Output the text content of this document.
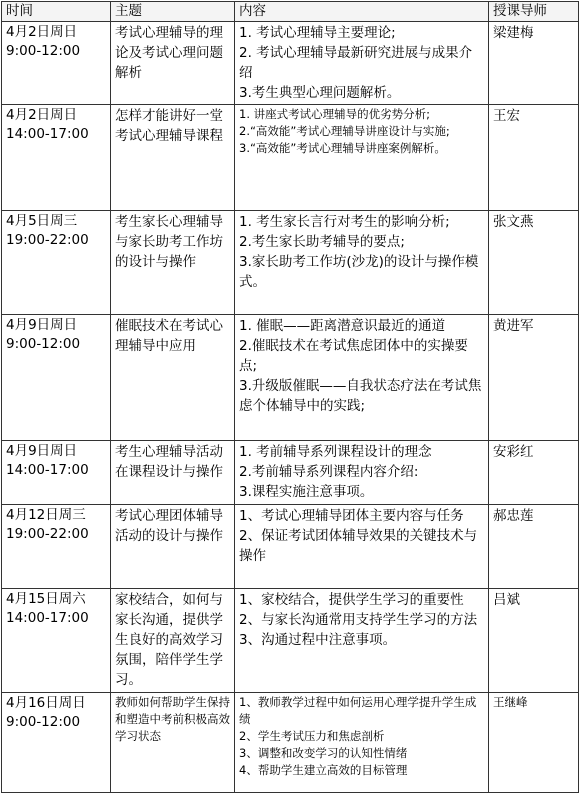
时间	主题	内容	授课导师
4月2日周日
9:00-12:00	考试心理辅导的理论及考试心理问题解析	1. 考试心理辅导主要理论;
2. 考试心理辅导最新研究进展与成果介绍
3.考生典型心理问题解析。	梁建梅
4月2日周日
14:00-17:00	怎样才能讲好一堂考试心理辅导课程	1. 讲座式考试心理辅导的优劣势分析;
2.“高效能”考试心理辅导讲座设计与实施;
3.“高效能”考试心理辅导讲座案例解析。	王宏
4月5日周三
19:00-22:00	考生家长心理辅导与家长助考工作坊的设计与操作	1. 考生家长言行对考生的影响分析;
2.考生家长助考辅导的要点;
3.家长助考工作坊(沙龙)的设计与操作模式。	张文燕
4月9日周日
9:00-12:00	催眠技术在考试心理辅导中应用	1. 催眠——距离潜意识最近的通道
2.催眠技术在考试焦虑团体中的实操要点;
3.升级版催眠——自我状态疗法在考试焦虑个体辅导中的实践;	黄进军
4月9日周日
14:00-17:00	考生心理辅导活动在课程设计与操作	1. 考前辅导系列课程设计的理念
2.考前辅导系列课程内容介绍:
3.课程实施注意事项。	安彩红
4月12日周三
19:00-22:00	考试心理团体辅导活动的设计与操作	1、考试心理辅导团体主要内容与任务
2、保证考试团体辅导效果的关键技术与操作	郝忠莲
4月15日周六
14:00-17:00	家校结合，如何与家长沟通，提供学生良好的高效学习氛围，陪伴学生学习。	1、家校结合，提供学生学习的重要性
2、与家长沟通常用支持学生学习的方法
3、沟通过程中注意事项。	吕斌
4月16日周日
9:00-12:00	教师如何帮助学生保持和塑造中考前积极高效学习状态	1、教师教学过程中如何运用心理学提升学生成绩
2、学生考试压力和焦虑剖析
3、调整和改变学习的认知性情绪
4、帮助学生建立高效的目标管理	王继峰
